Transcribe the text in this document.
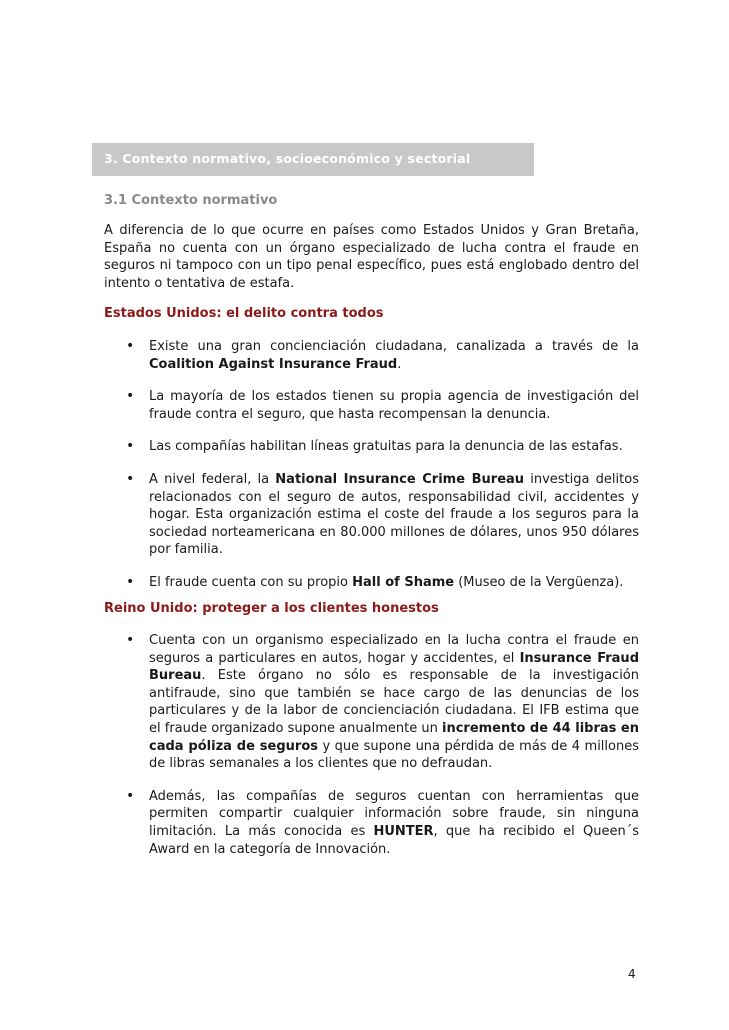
3. Contexto normativo, socioeconómico y sectorial
3.1 Contexto normativo

A diferencia de lo que ocurre en países como Estados Unidos y Gran Bretaña, España no cuenta con un órgano especializado de lucha contra el fraude en seguros ni tampoco con un tipo penal específico, pues está englobado dentro del intento o tentativa de estafa.

Estados Unidos: el delito contra todos

• Existe una gran concienciación ciudadana, canalizada a través de la Coalition Against Insurance Fraud.

• La mayoría de los estados tienen su propia agencia de investigación del fraude contra el seguro, que hasta recompensan la denuncia.

• Las compañías habilitan líneas gratuitas para la denuncia de las estafas.

• A nivel federal, la National Insurance Crime Bureau investiga delitos relacionados con el seguro de autos, responsabilidad civil, accidentes y hogar. Esta organización estima el coste del fraude a los seguros para la sociedad norteamericana en 80.000 millones de dólares, unos 950 dólares por familia.

• El fraude cuenta con su propio Hall of Shame (Museo de la Vergüenza).

Reino Unido: proteger a los clientes honestos

• Cuenta con un organismo especializado en la lucha contra el fraude en seguros a particulares en autos, hogar y accidentes, el Insurance Fraud Bureau. Este órgano no sólo es responsable de la investigación antifraude, sino que también se hace cargo de las denuncias de los particulares y de la labor de concienciación ciudadana. El IFB estima que el fraude organizado supone anualmente un incremento de 44 libras en cada póliza de seguros y que supone una pérdida de más de 4 millones de libras semanales a los clientes que no defraudan.

• Además, las compañías de seguros cuentan con herramientas que permiten compartir cualquier información sobre fraude, sin ninguna limitación. La más conocida es HUNTER, que ha recibido el Queen´s Award en la categoría de Innovación.

4
